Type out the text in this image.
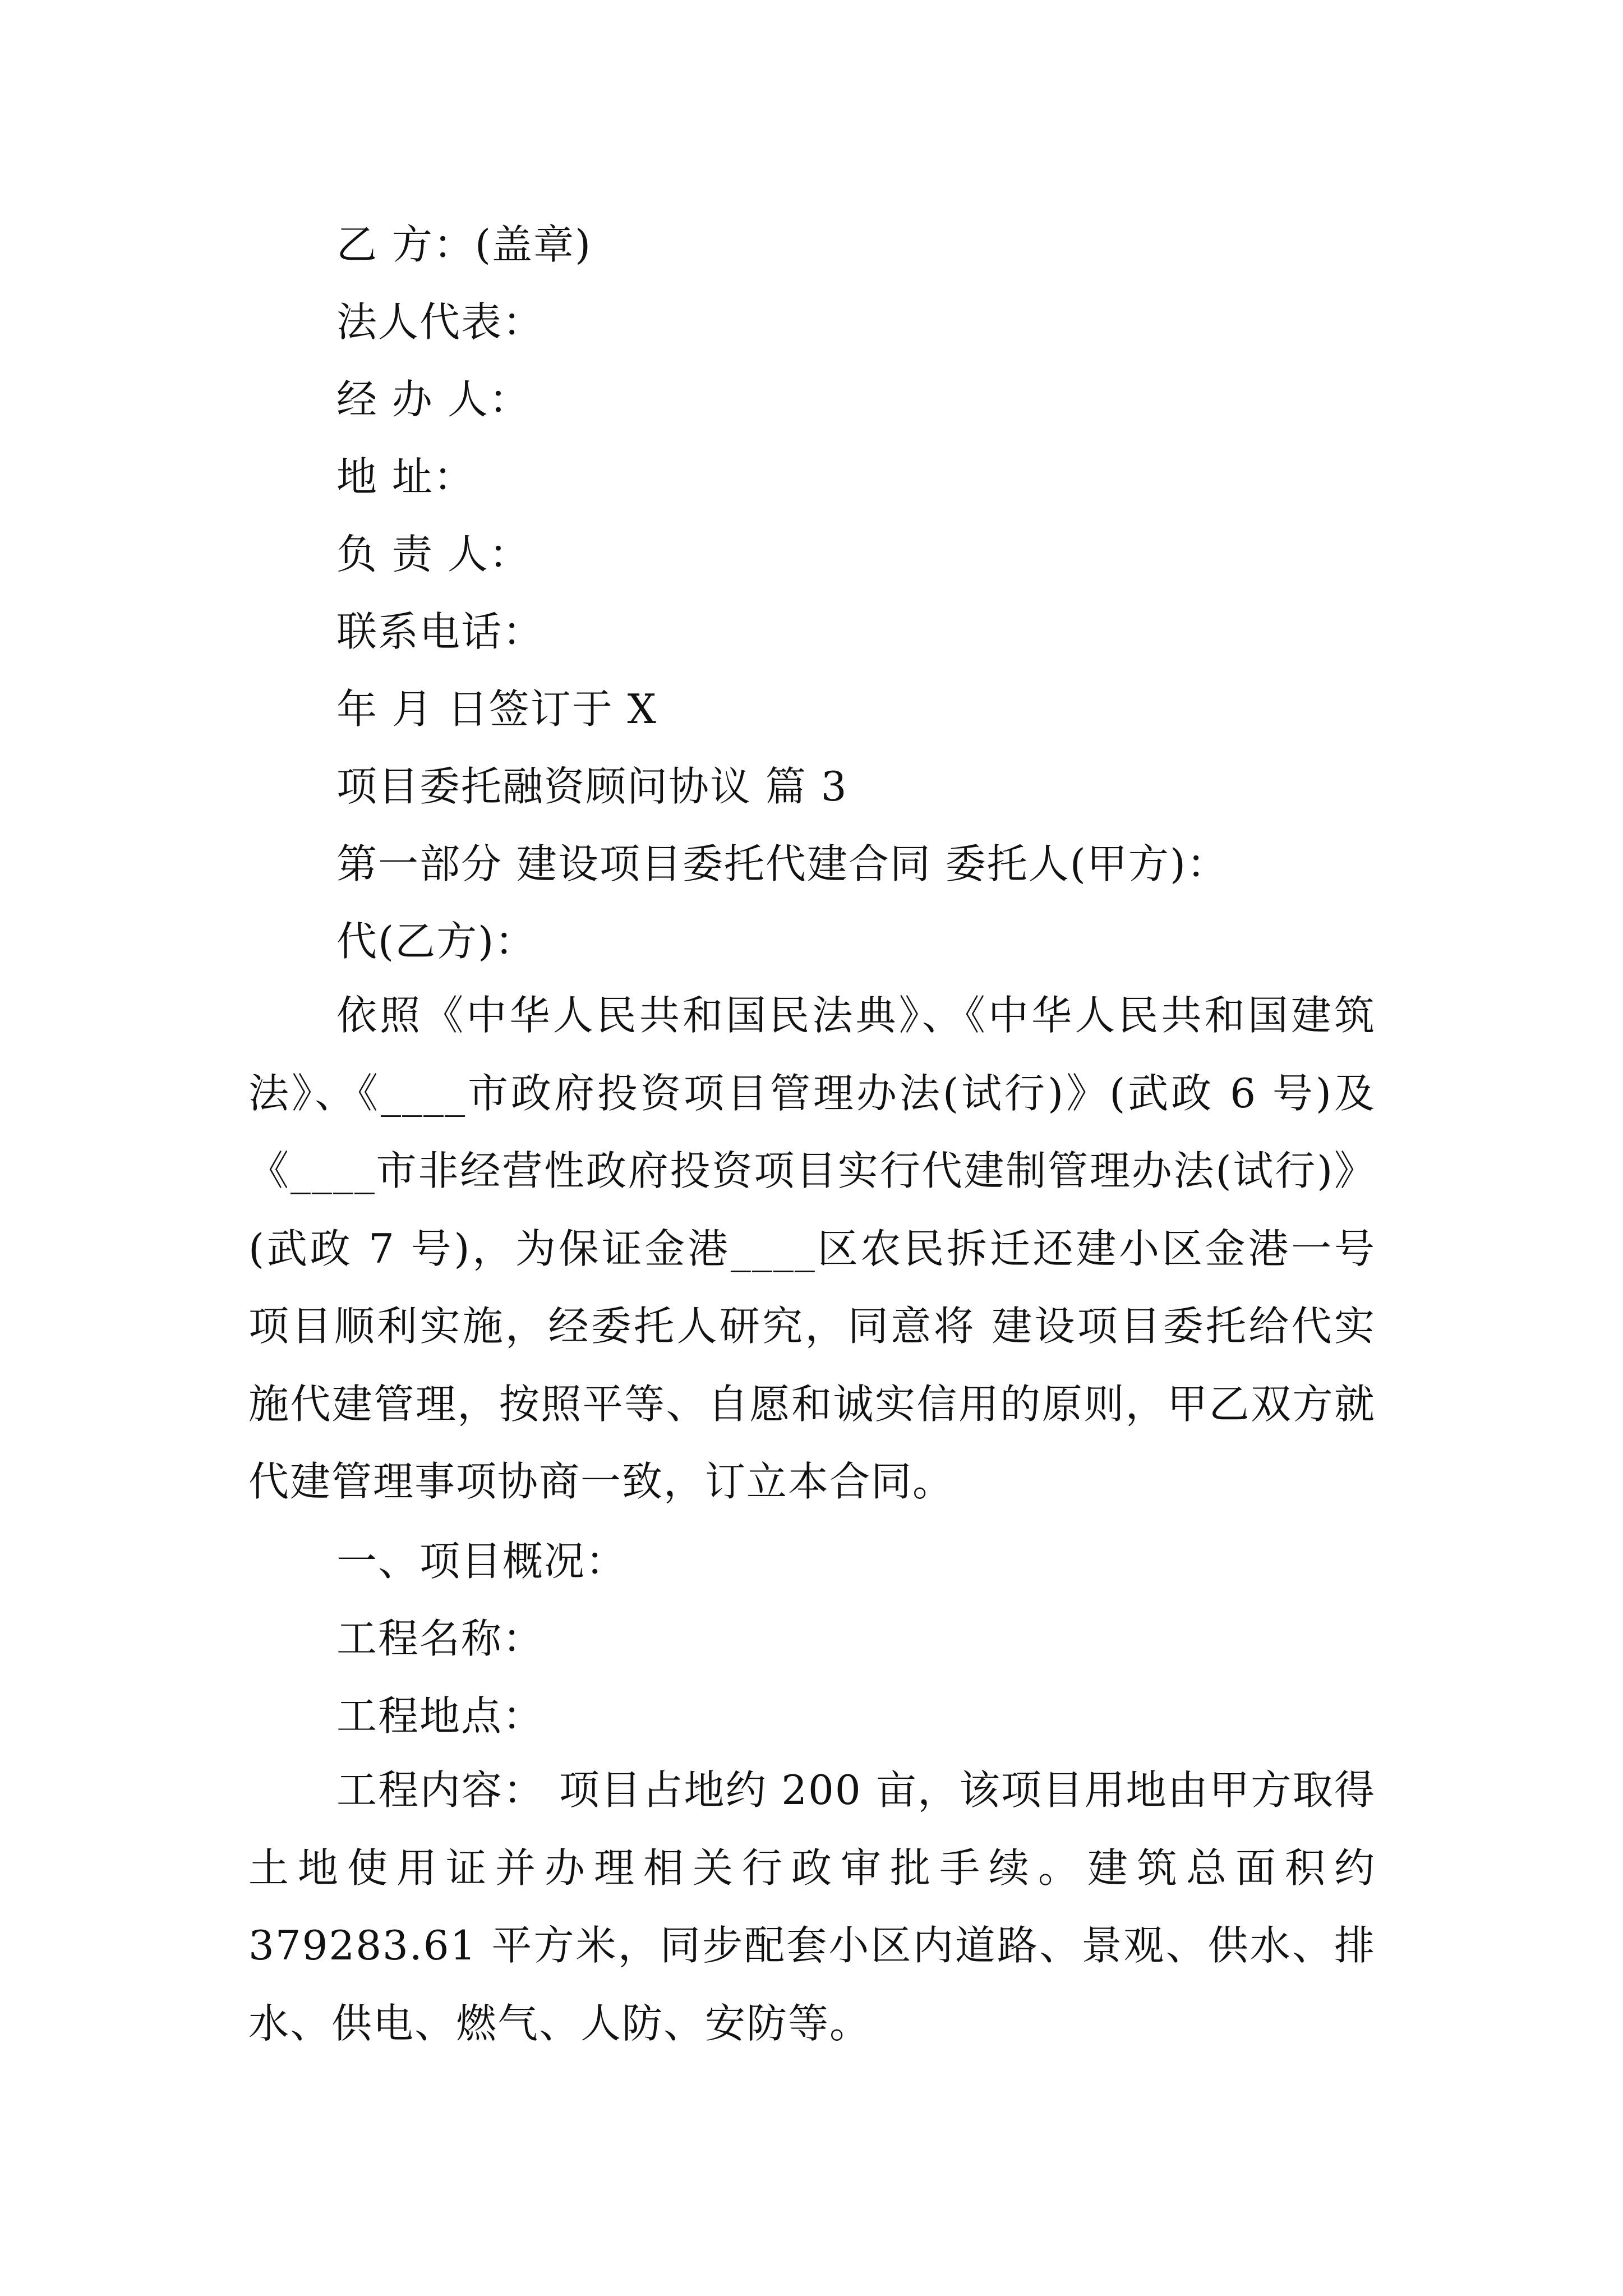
乙 方：(盖章)
法人代表：
经 办 人：
地 址：
负 责 人：
联系电话：
年 月 日签订于 X
项目委托融资顾问协议 篇 3
第一部分 建设项目委托代建合同 委托人(甲方)：
代(乙方)：

依照《中华人民共和国民法典》、《中华人民共和国建筑法》、《____市政府投资项目管理办法(试行)》(武政 6 号)及《____市非经营性政府投资项目实行代建制管理办法(试行)》(武政 7 号)，为保证金港____区农民拆迁还建小区金港一号项目顺利实施，经委托人研究，同意将 建设项目委托给代实施代建管理，按照平等、自愿和诚实信用的原则，甲乙双方就代建管理事项协商一致，订立本合同。

一、项目概况：
工程名称：
工程地点：

工程内容： 项目占地约 200 亩，该项目用地由甲方取得土地使用证并办理相关行政审批手续。建筑总面积约 379283.61 平方米，同步配套小区内道路、景观、供水、排水、供电、燃气、人防、安防等。
